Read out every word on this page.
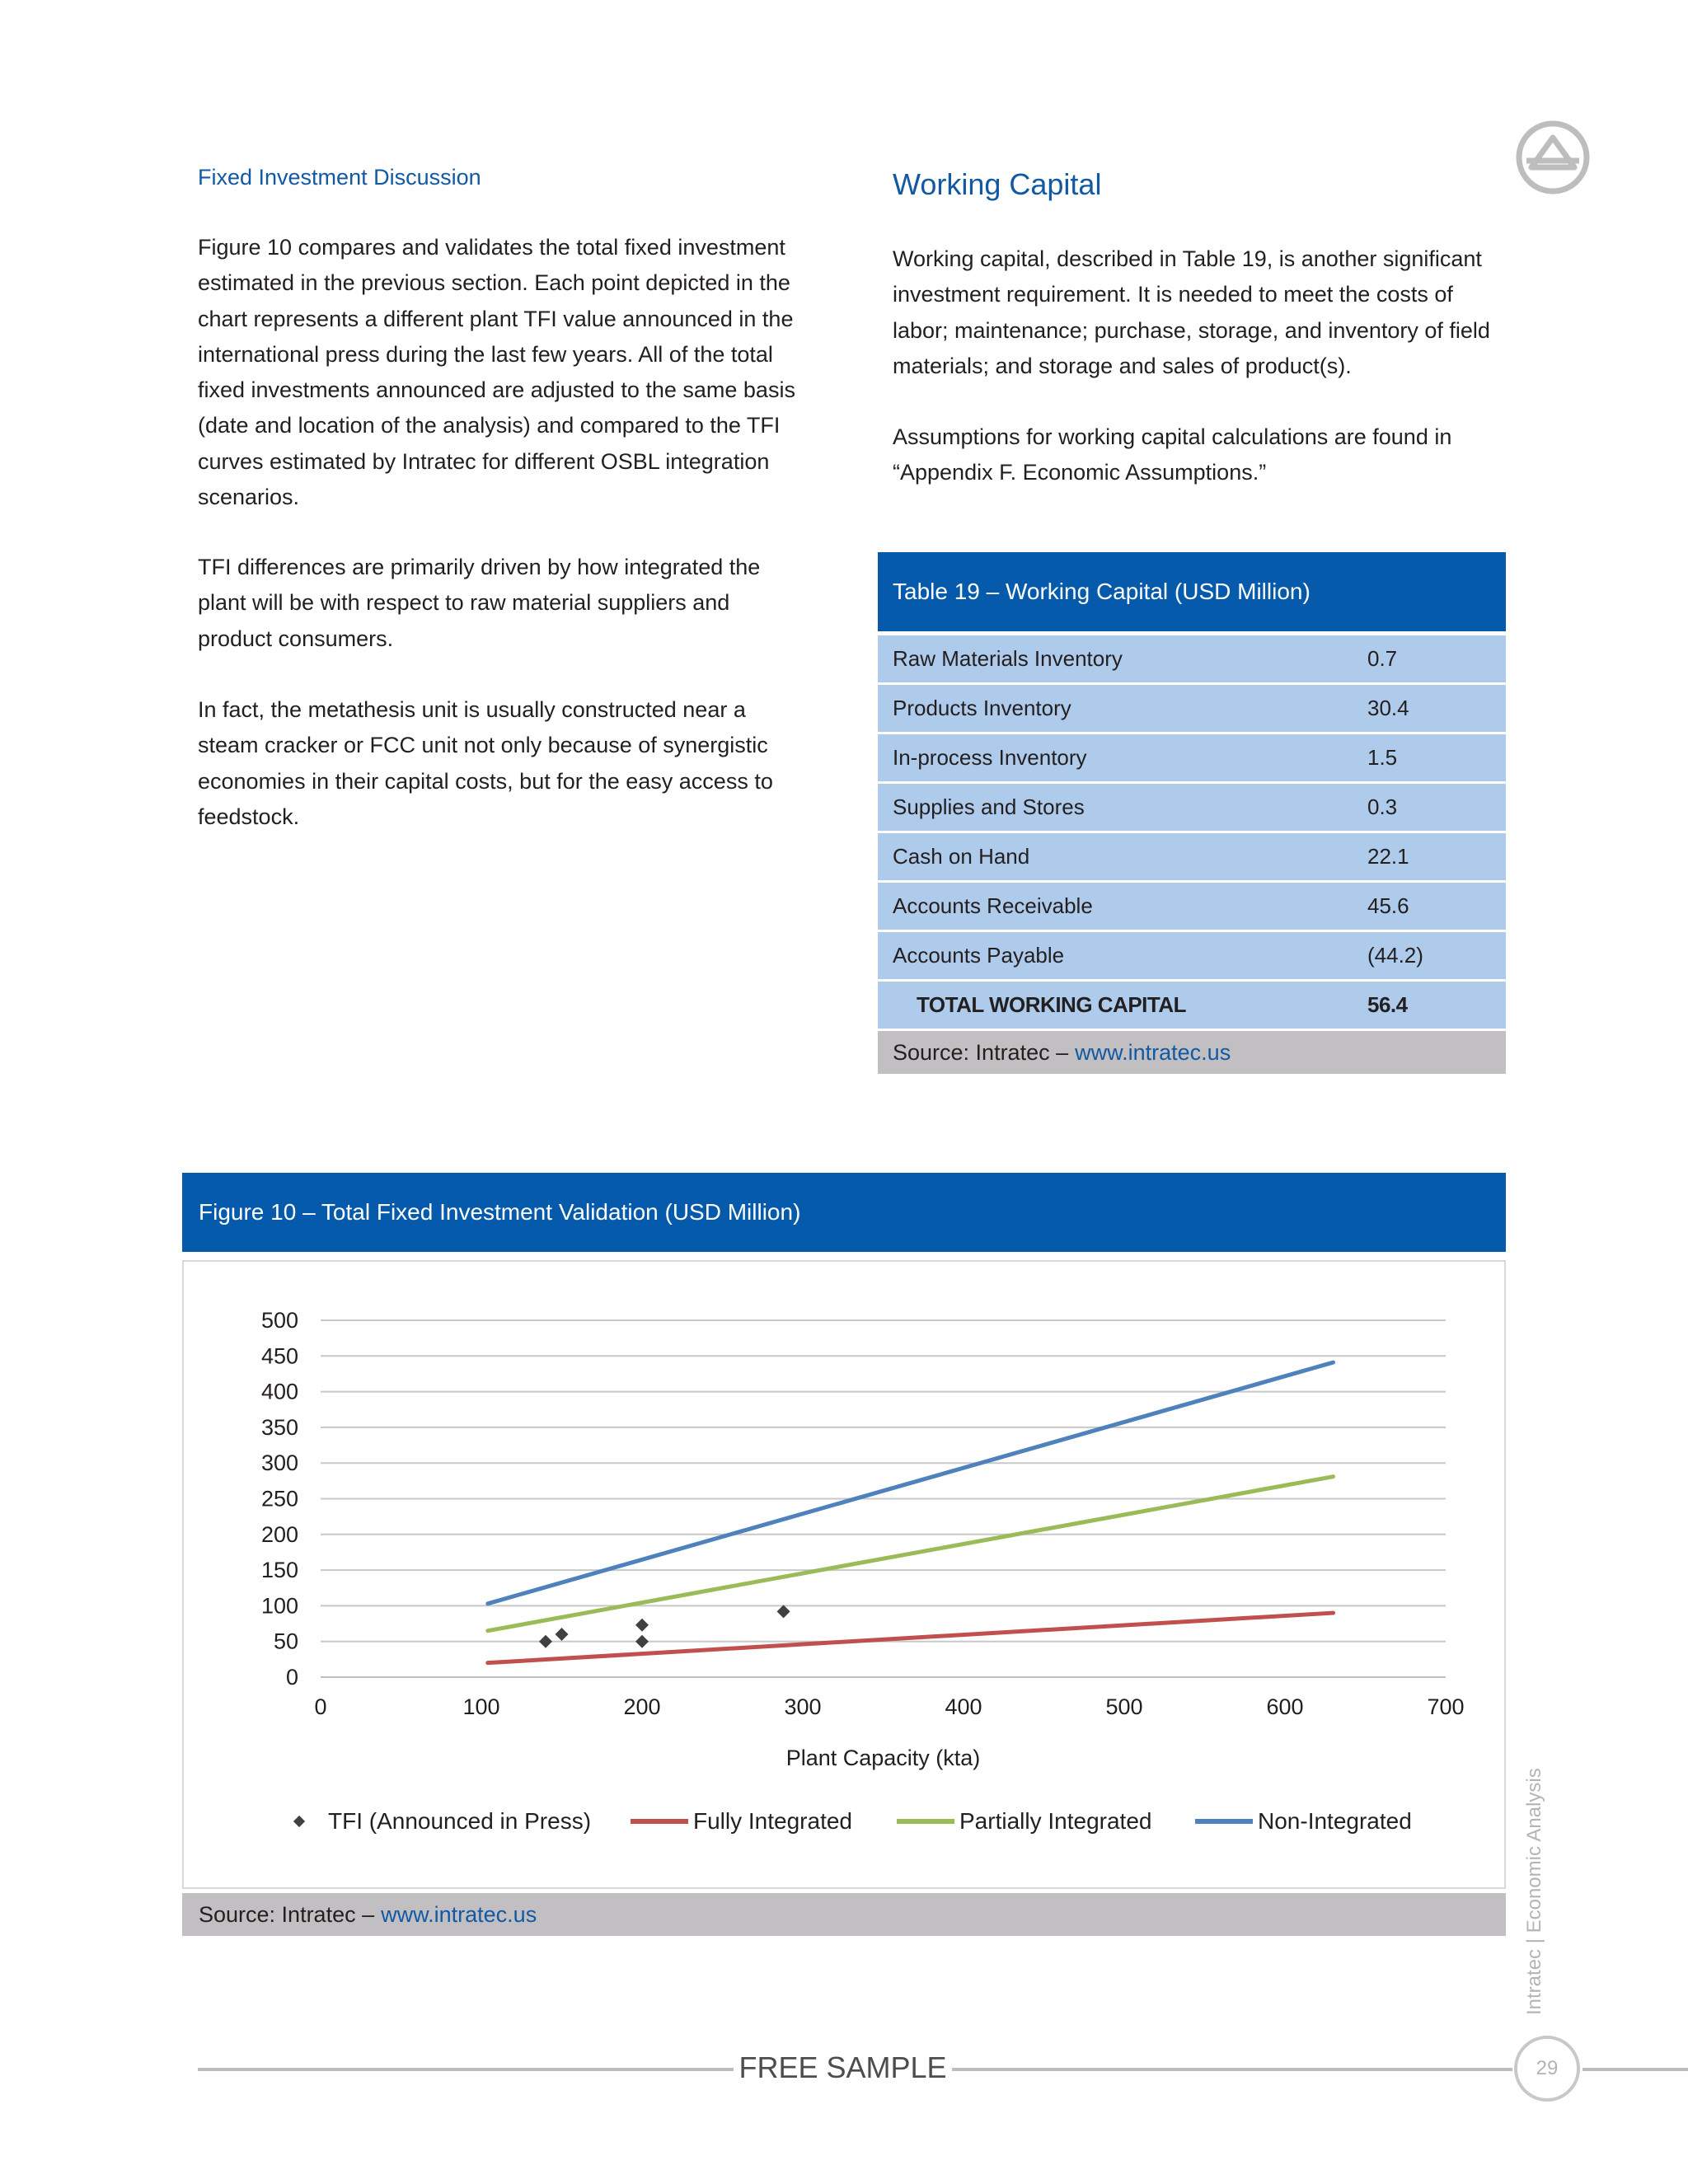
Fixed Investment Discussion
Figure 10 compares and validates the total fixed investment estimated in the previous section. Each point depicted in the chart represents a different plant TFI value announced in the international press during the last few years. All of the total fixed investments announced are adjusted to the same basis (date and location of the analysis) and compared to the TFI curves estimated by Intratec for different OSBL integration scenarios.
TFI differences are primarily driven by how integrated the plant will be with respect to raw material suppliers and product consumers.
In fact, the metathesis unit is usually constructed near a steam cracker or FCC unit not only because of synergistic economies in their capital costs, but for the easy access to feedstock.
Working Capital
Working capital, described in Table 19, is another significant investment requirement. It is needed to meet the costs of labor; maintenance; purchase, storage, and inventory of field materials; and storage and sales of product(s).
Assumptions for working capital calculations are found in “Appendix F. Economic Assumptions.”
Table 19 – Working Capital (USD Million)
Raw Materials Inventory	0.7
Products Inventory	30.4
In-process Inventory	1.5
Supplies and Stores	0.3
Cash on Hand	22.1
Accounts Receivable	45.6
Accounts Payable	(44.2)
TOTAL WORKING CAPITAL	56.4
Source: Intratec – www.intratec.us
Figure 10 – Total Fixed Investment Validation (USD Million)
0
50
100
150
200
250
300
350
400
450
500
0	100	200	300	400	500	600	700
Plant Capacity (kta)
TFI (Announced in Press)	Fully Integrated	Partially Integrated	Non-Integrated
Source: Intratec – www.intratec.us	Intratec | Economic Analysis
FREE SAMPLE	29
